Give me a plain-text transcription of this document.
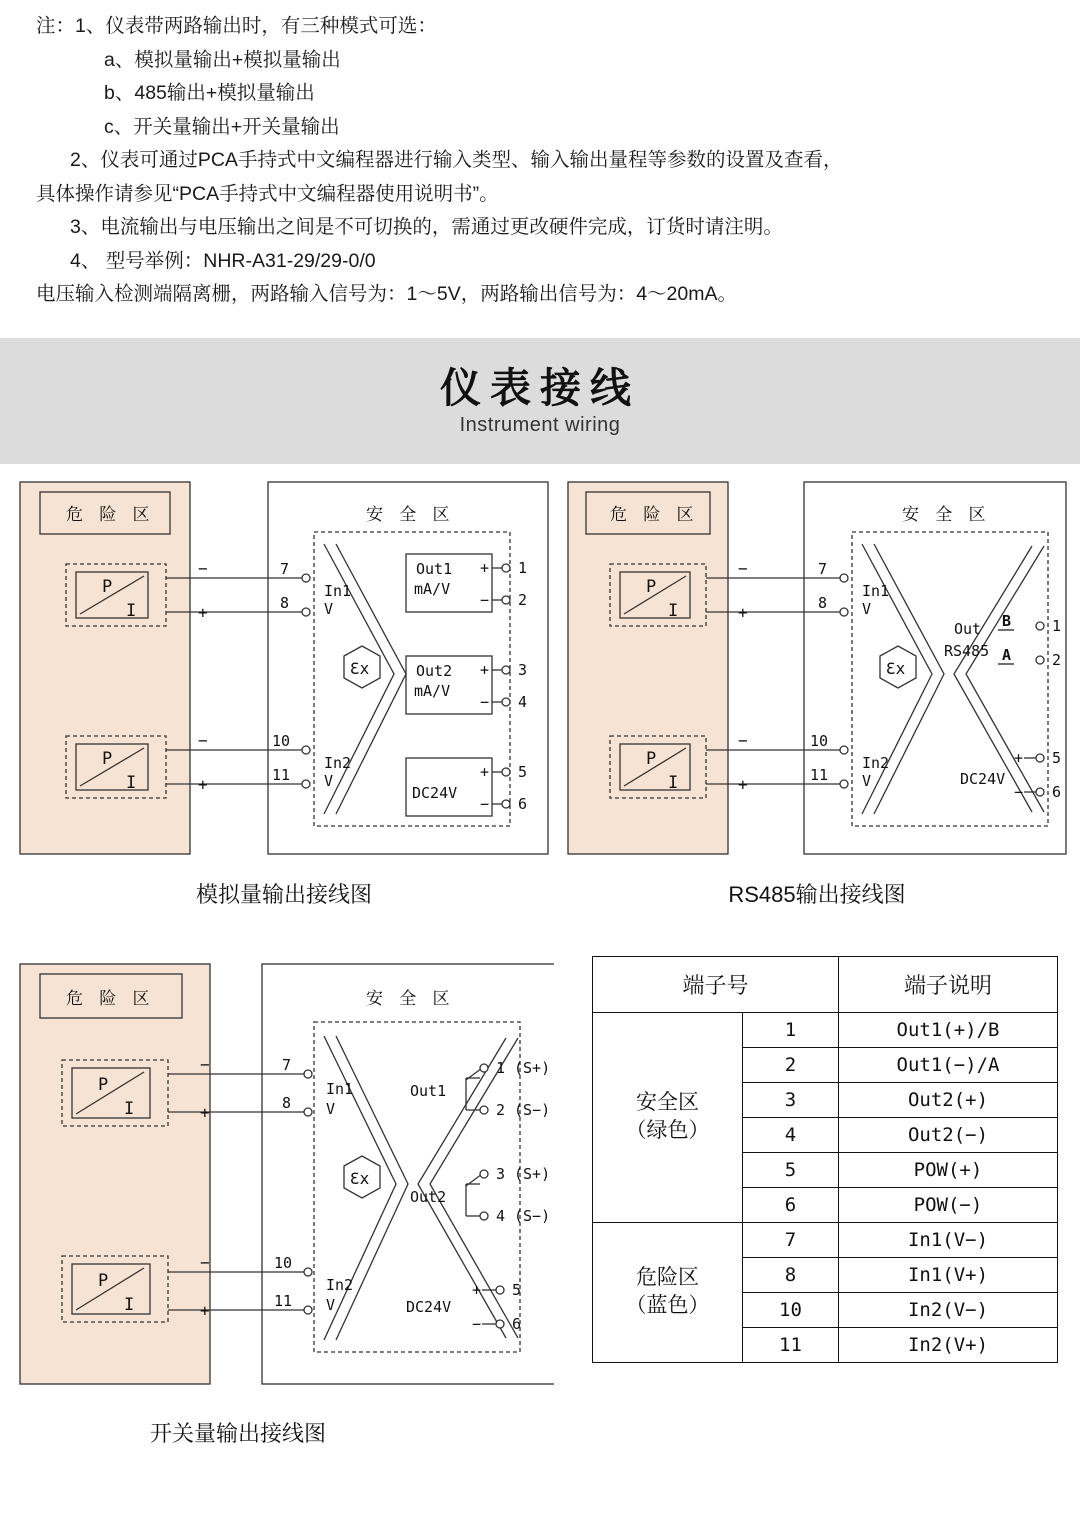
注：1、仪表带两路输出时，有三种模式可选：
a、模拟量输出+模拟量输出
b、485输出+模拟量输出
c、开关量输出+开关量输出
2、仪表可通过PCA手持式中文编程器进行输入类型、输入输出量程等参数的设置及查看，
具体操作请参见“PCA手持式中文编程器使用说明书”。
3、电流输出与电压输出之间是不可切换的，需通过更改硬件完成，订货时请注明。
4、 型号举例：NHR-A31-29/29-0/0
电压输入检测端隔离栅，两路输入信号为：1～5V，两路输出信号为：4～20mA。
仪表接线
Instrument wiring
危 险 区	安 全 区
P
I
P
I
−
+
−
+
7
8
10
11
In1
V
In2
V
Out1
mA/V
+
−
1
2
Out2
mA/V
+
−
3
4
DC24V
+
−
5
6
Ɛx
模拟量输出接线图
危 险 区	安 全 区
P
I
P
I
−
+
−
+
7
8
10
11
In1
V
In2
V
Out
RS485
B
A
1
2
DC24V
+
−
5
6
Ɛx
RS485输出接线图
危 险 区	安 全 区
P
I
P
I
−
+
−
+
7
8
10
11
In1
V
In2
V
Out1
1 (S+)
2 (S−)
Out2
3 (S+)
4 (S−)
DC24V
+
−
5
6
Ɛx
开关量输出接线图
端子号		端子说明
安全区
（绿色）	1	Out1(+)/B
	2	Out1(−)/A
	3	Out2(+)
	4	Out2(−)
	5	POW(+)
	6	POW(−)
危险区
（蓝色）	7	In1(V−)
	8	In1(V+)
	10	In2(V−)
	11	In2(V+)
